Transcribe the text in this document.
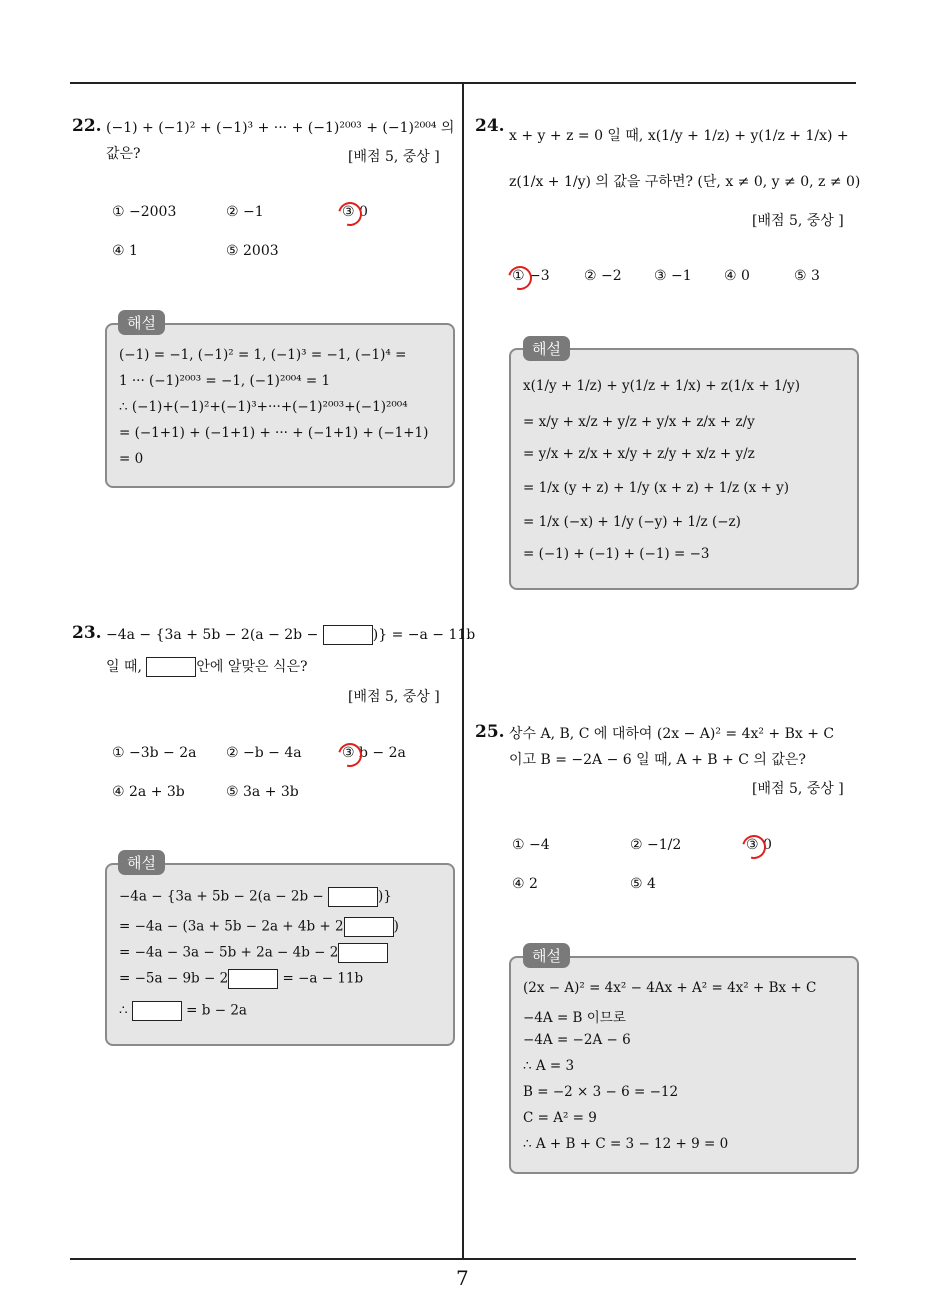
22. (−1) + (−1)² + (−1)³ + ··· + (−1)²⁰⁰³ + (−1)²⁰⁰⁴ 의
값은?	[배점 5, 중상 ]
① −2003	② −1	③ 0
④ 1	⑤ 2003
(−1) = −1, (−1)² = 1, (−1)³ = −1, (−1)⁴ =
1 ··· (−1)²⁰⁰³ = −1, (−1)²⁰⁰⁴ = 1
∴ (−1)+(−1)²+(−1)³+···+(−1)²⁰⁰³+(−1)²⁰⁰⁴
= (−1+1) + (−1+1) + ··· + (−1+1) + (−1+1)
= 0
해설
23. −4a − {3a + 5b − 2(a − 2b −	)} = −a − 11b
일 때,	안에 알맞은 식은?
[배점 5, 중상 ]
① −3b − 2a ② −b − 4a	③ b − 2a
④ 2a + 3b	⑤ 3a + 3b
−4a − {3a + 5b − 2(a − 2b −	)}
= −4a − (3a + 5b − 2a + 4b + 2	)
= −4a − 3a − 5b + 2a − 4b − 2
= −5a − 9b − 2	= −a − 11b
∴	= b − 2a
해설
24. x + y + z = 0 일 때, x(1/y + 1/z) + y(1/z + 1/x) +
z(1/x + 1/y) 의 값을 구하면? (단, x ≠ 0, y ≠ 0, z ≠ 0)
[배점 5, 중상 ]
① −3 ② −2 ③ −1 ④ 0	⑤ 3
x(1/y + 1/z) + y(1/z + 1/x) + z(1/x + 1/y)
= x/y + x/z + y/z + y/x + z/x + z/y
= y/x + z/x + x/y + z/y + x/z + y/z
= 1/x (y + z) + 1/y (x + z) + 1/z (x + y)
= 1/x (−x) + 1/y (−y) + 1/z (−z)
= (−1) + (−1) + (−1) = −3
해설
25. 상수 A, B, C 에 대하여 (2x − A)² = 4x² + Bx + C
이고 B = −2A − 6 일 때, A + B + C 의 값은?
[배점 5, 중상 ]
① −4	② −1/2	③ 0
④ 2	⑤ 4
(2x − A)² = 4x² − 4Ax + A² = 4x² + Bx + C
−4A = B 이므로
−4A = −2A − 6
∴ A = 3
B = −2 × 3 − 6 = −12
C = A² = 9
∴ A + B + C = 3 − 12 + 9 = 0
해설
7
